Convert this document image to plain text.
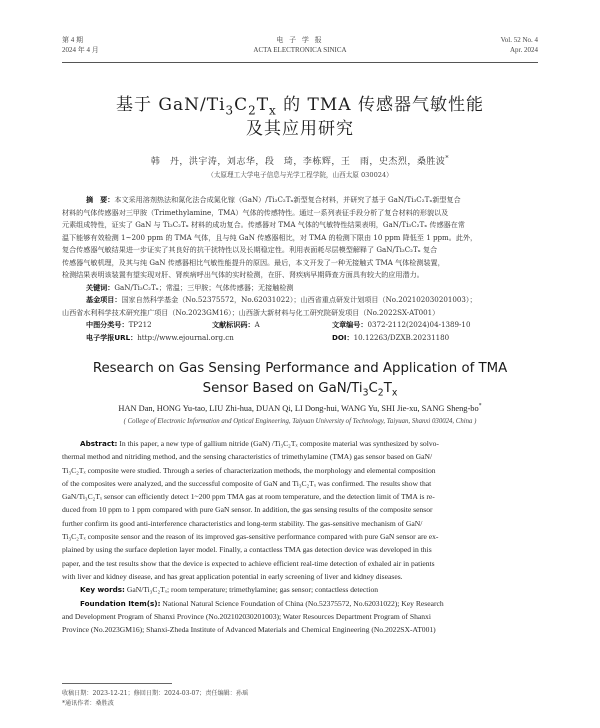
第 4 期
2024 年 4 月
电 子 学 报
ACTA ELECTRONICA SINICA
Vol. 52 No. 4
Apr. 2024
基于 GaN/$Ti_3C_2T_x$ 的 TMA 传感器气敏性能
及其应用研究
韩　丹，洪宇涛，刘志华，段　琦，李栋辉，王　雨，史杰烈，桑胜波*
（太原理工大学电子信息与光学工程学院，山西太原 030024）
摘　要：本文采用溶剂热法和氮化法合成氮化镓（GaN）/Ti₃C₂Tₓ新型复合材料，并研究了基于 GaN/Ti₃C₂Tₓ新型复合
材料的气体传感器对三甲胺（Trimethylamine，TMA）气体的传感特性。通过一系列表征手段分析了复合材料的形貌以及
元素组成特性，证实了 GaN 与 Ti₃C₂Tₓ 材料的成功复合。传感器对 TMA 气体的气敏特性结果表明，GaN/Ti₃C₂Tₓ 传感器在常
温下能够有效检测 1~200 ppm 的 TMA 气体，且与纯 GaN 传感器相比，对 TMA 的检测下限由 10 ppm 降低至 1 ppm。此外，
复合传感器气敏结果进一步证实了其良好的抗干扰特性以及长期稳定性。利用表面耗尽层模型解释了 GaN/Ti₃C₂Tₓ 复合
传感器气敏机理，及其与纯 GaN 传感器相比气敏性能提升的原因。最后，本文开发了一种无接触式 TMA 气体检测装置，
检测结果表明该装置有望实现对肝、肾疾病呼出气体的实时检测，在肝、肾疾病早期筛查方面具有较大的应用潜力。
关键词：GaN/Ti₃C₂Tₓ；常温；三甲胺；气体传感器；无接触检测
基金项目：国家自然科学基金（No.52375572，No.62031022）；山西省重点研发计划项目（No.202102030201003）；
山西省水利科学技术研究推广项目（No.2023GM16）；山西浙大新材料与化工研究院研发项目（No.2022SX-AT001）
中图分类号：TP212	文献标识码：A	文章编号：0372-2112(2024)04-1389-10
电子学报URL：http://www.ejournal.org.cn	DOI：10.12263/DZXB.20231180
Research on Gas Sensing Performance and Application of TMA
Sensor Based on GaN/$Ti_3C_2T_x$
HAN Dan, HONG Yu-tao, LIU Zhi-hua, DUAN Qi, LI Dong-hui, WANG Yu, SHI Jie-xu, SANG Sheng-bo*
( College of Electronic Information and Optical Engineering, Taiyuan University of Technology, Taiyuan, Shanxi 030024, China )
Abstract: In this paper, a new type of gallium nitride (GaN) /Ti₃C₂Tₓ composite material was synthesized by solvo-
thermal method and nitriding method, and the sensing characteristics of trimethylamine (TMA) gas sensor based on GaN/
Ti₃C₂Tₓ composite were studied. Through a series of characterization methods, the morphology and elemental composition
of the composites were analyzed, and the successful composite of GaN and Ti₃C₂Tₓ was confirmed. The results show that
GaN/Ti₃C₂Tₓ sensor can efficiently detect 1~200 ppm TMA gas at room temperature, and the detection limit of TMA is re-
duced from 10 ppm to 1 ppm compared with pure GaN sensor. In addition, the gas sensing results of the composite sensor
further confirm its good anti-interference characteristics and long-term stability. The gas-sensitive mechanism of GaN/
Ti₃C₂Tₓ composite sensor and the reason of its improved gas-sensitive performance compared with pure GaN sensor are ex-
plained by using the surface depletion layer model. Finally, a contactless TMA gas detection device was developed in this
paper, and the test results show that the device is expected to achieve efficient real-time detection of exhaled air in patients
with liver and kidney disease, and has great application potential in early screening of liver and kidney diseases.
Key words: GaN/Ti₃C₂Tₓ; room temperature; trimethylamine; gas sensor; contactless detection
Foundation Item(s): National Natural Science Foundation of China (No.52375572, No.62031022); Key Research
and Development Program of Shanxi Province (No.202102030201003); Water Resources Department Program of Shanxi
Province (No.2023GM16); Shanxi-Zheda Institute of Advanced Materials and Chemical Engineering (No.2022SX-AT001)
收稿日期：2023-12-21；修回日期：2024-03-07；责任编辑：孙瑶
*通讯作者：桑胜波
